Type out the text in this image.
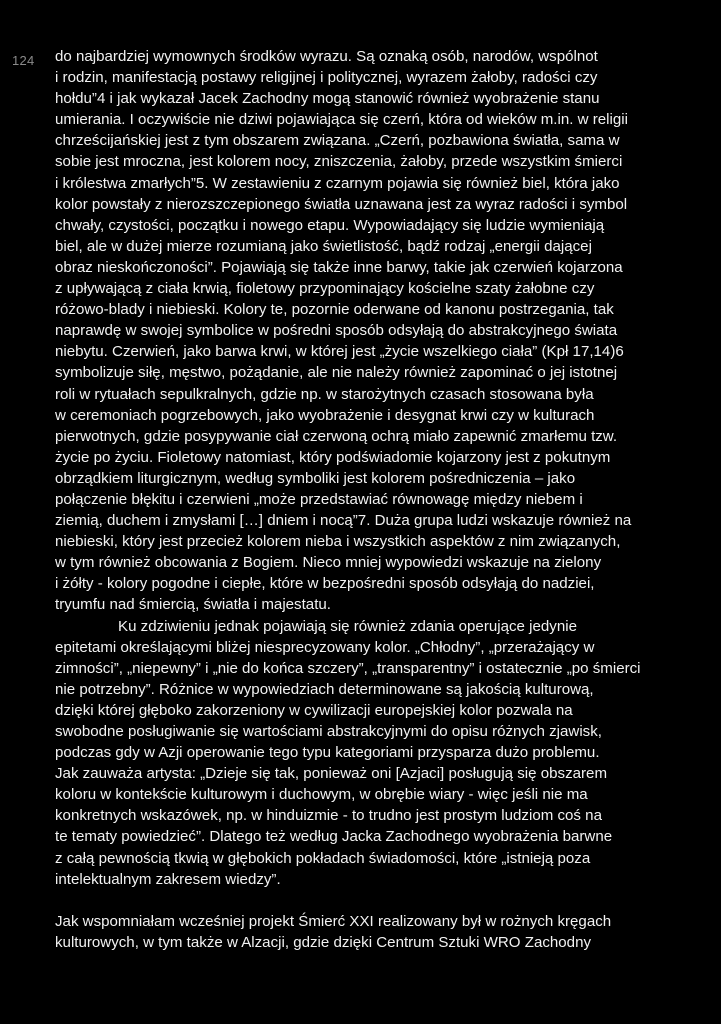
124 do najbardziej wymownych środków wyrazu. Są oznaką osób, narodów, wspólnot
i rodzin, manifestacją postawy religijnej i politycznej, wyrazem żałoby, radości czy
hołdu”4 i jak wykazał Jacek Zachodny mogą stanowić również wyobrażenie stanu
umierania. I oczywiście nie dziwi pojawiająca się czerń, która od wieków m.in. w religii
chrześcijańskiej jest z tym obszarem związana. „Czerń, pozbawiona światła, sama w
sobie jest mroczna, jest kolorem nocy, zniszczenia, żałoby, przede wszystkim śmierci
i królestwa zmarłych”5. W zestawieniu z czarnym pojawia się również biel, która jako
kolor powstały z nierozszczepionego światła uznawana jest za wyraz radości i symbol
chwały, czystości, początku i nowego etapu. Wypowiadający się ludzie wymieniają
biel, ale w dużej mierze rozumianą jako świetlistość, bądź rodzaj „energii dającej
obraz nieskończoności”. Pojawiają się także inne barwy, takie jak czerwień kojarzona
z upływającą z ciała krwią, fioletowy przypominający kościelne szaty żałobne czy
różowo-blady i niebieski. Kolory te, pozornie oderwane od kanonu postrzegania, tak
naprawdę w swojej symbolice w pośredni sposób odsyłają do abstrakcyjnego świata
niebytu. Czerwień, jako barwa krwi, w której jest „życie wszelkiego ciała” (Kpł 17,14)6
symbolizuje siłę, męstwo, pożądanie, ale nie należy również zapominać o jej istotnej
roli w rytuałach sepulkralnych, gdzie np. w starożytnych czasach stosowana była
w ceremoniach pogrzebowych, jako wyobrażenie i desygnat krwi czy w kulturach
pierwotnych, gdzie posypywanie ciał czerwoną ochrą miało zapewnić zmarłemu tzw.
życie po życiu. Fioletowy natomiast, który podświadomie kojarzony jest z pokutnym
obrządkiem liturgicznym, według symboliki jest kolorem pośredniczenia – jako
połączenie błękitu i czerwieni „może przedstawiać równowagę między niebem i
ziemią, duchem i zmysłami […] dniem i nocą”7. Duża grupa ludzi wskazuje również na
niebieski, który jest przecież kolorem nieba i wszystkich aspektów z nim związanych,
w tym również obcowania z Bogiem. Nieco mniej wypowiedzi wskazuje na zielony
i żółty - kolory pogodne i ciepłe, które w bezpośredni sposób odsyłają do nadziei,
tryumfu nad śmiercią, światła i majestatu.
Ku zdziwieniu jednak pojawiają się również zdania operujące jedynie
epitetami określającymi bliżej niesprecyzowany kolor. „Chłodny”, „przerażający w
zimności”, „niepewny” i „nie do końca szczery”, „transparentny” i ostatecznie „po śmierci
nie potrzebny”. Różnice w wypowiedziach determinowane są jakością kulturową,
dzięki której głęboko zakorzeniony w cywilizacji europejskiej kolor pozwala na
swobodne posługiwanie się wartościami abstrakcyjnymi do opisu różnych zjawisk,
podczas gdy w Azji operowanie tego typu kategoriami przysparza dużo problemu.
Jak zauważa artysta: „Dzieje się tak, ponieważ oni [Azjaci] posługują się obszarem
koloru w kontekście kulturowym i duchowym, w obrębie wiary - więc jeśli nie ma
konkretnych wskazówek, np. w hinduizmie - to trudno jest prostym ludziom coś na
te tematy powiedzieć”. Dlatego też według Jacka Zachodnego wyobrażenia barwne
z całą pewnością tkwią w głębokich pokładach świadomości, które „istnieją poza
intelektualnym zakresem wiedzy”.
Jak wspomniałam wcześniej projekt Śmierć XXI realizowany był w rożnych kręgach
kulturowych, w tym także w Alzacji, gdzie dzięki Centrum Sztuki WRO Zachodny
